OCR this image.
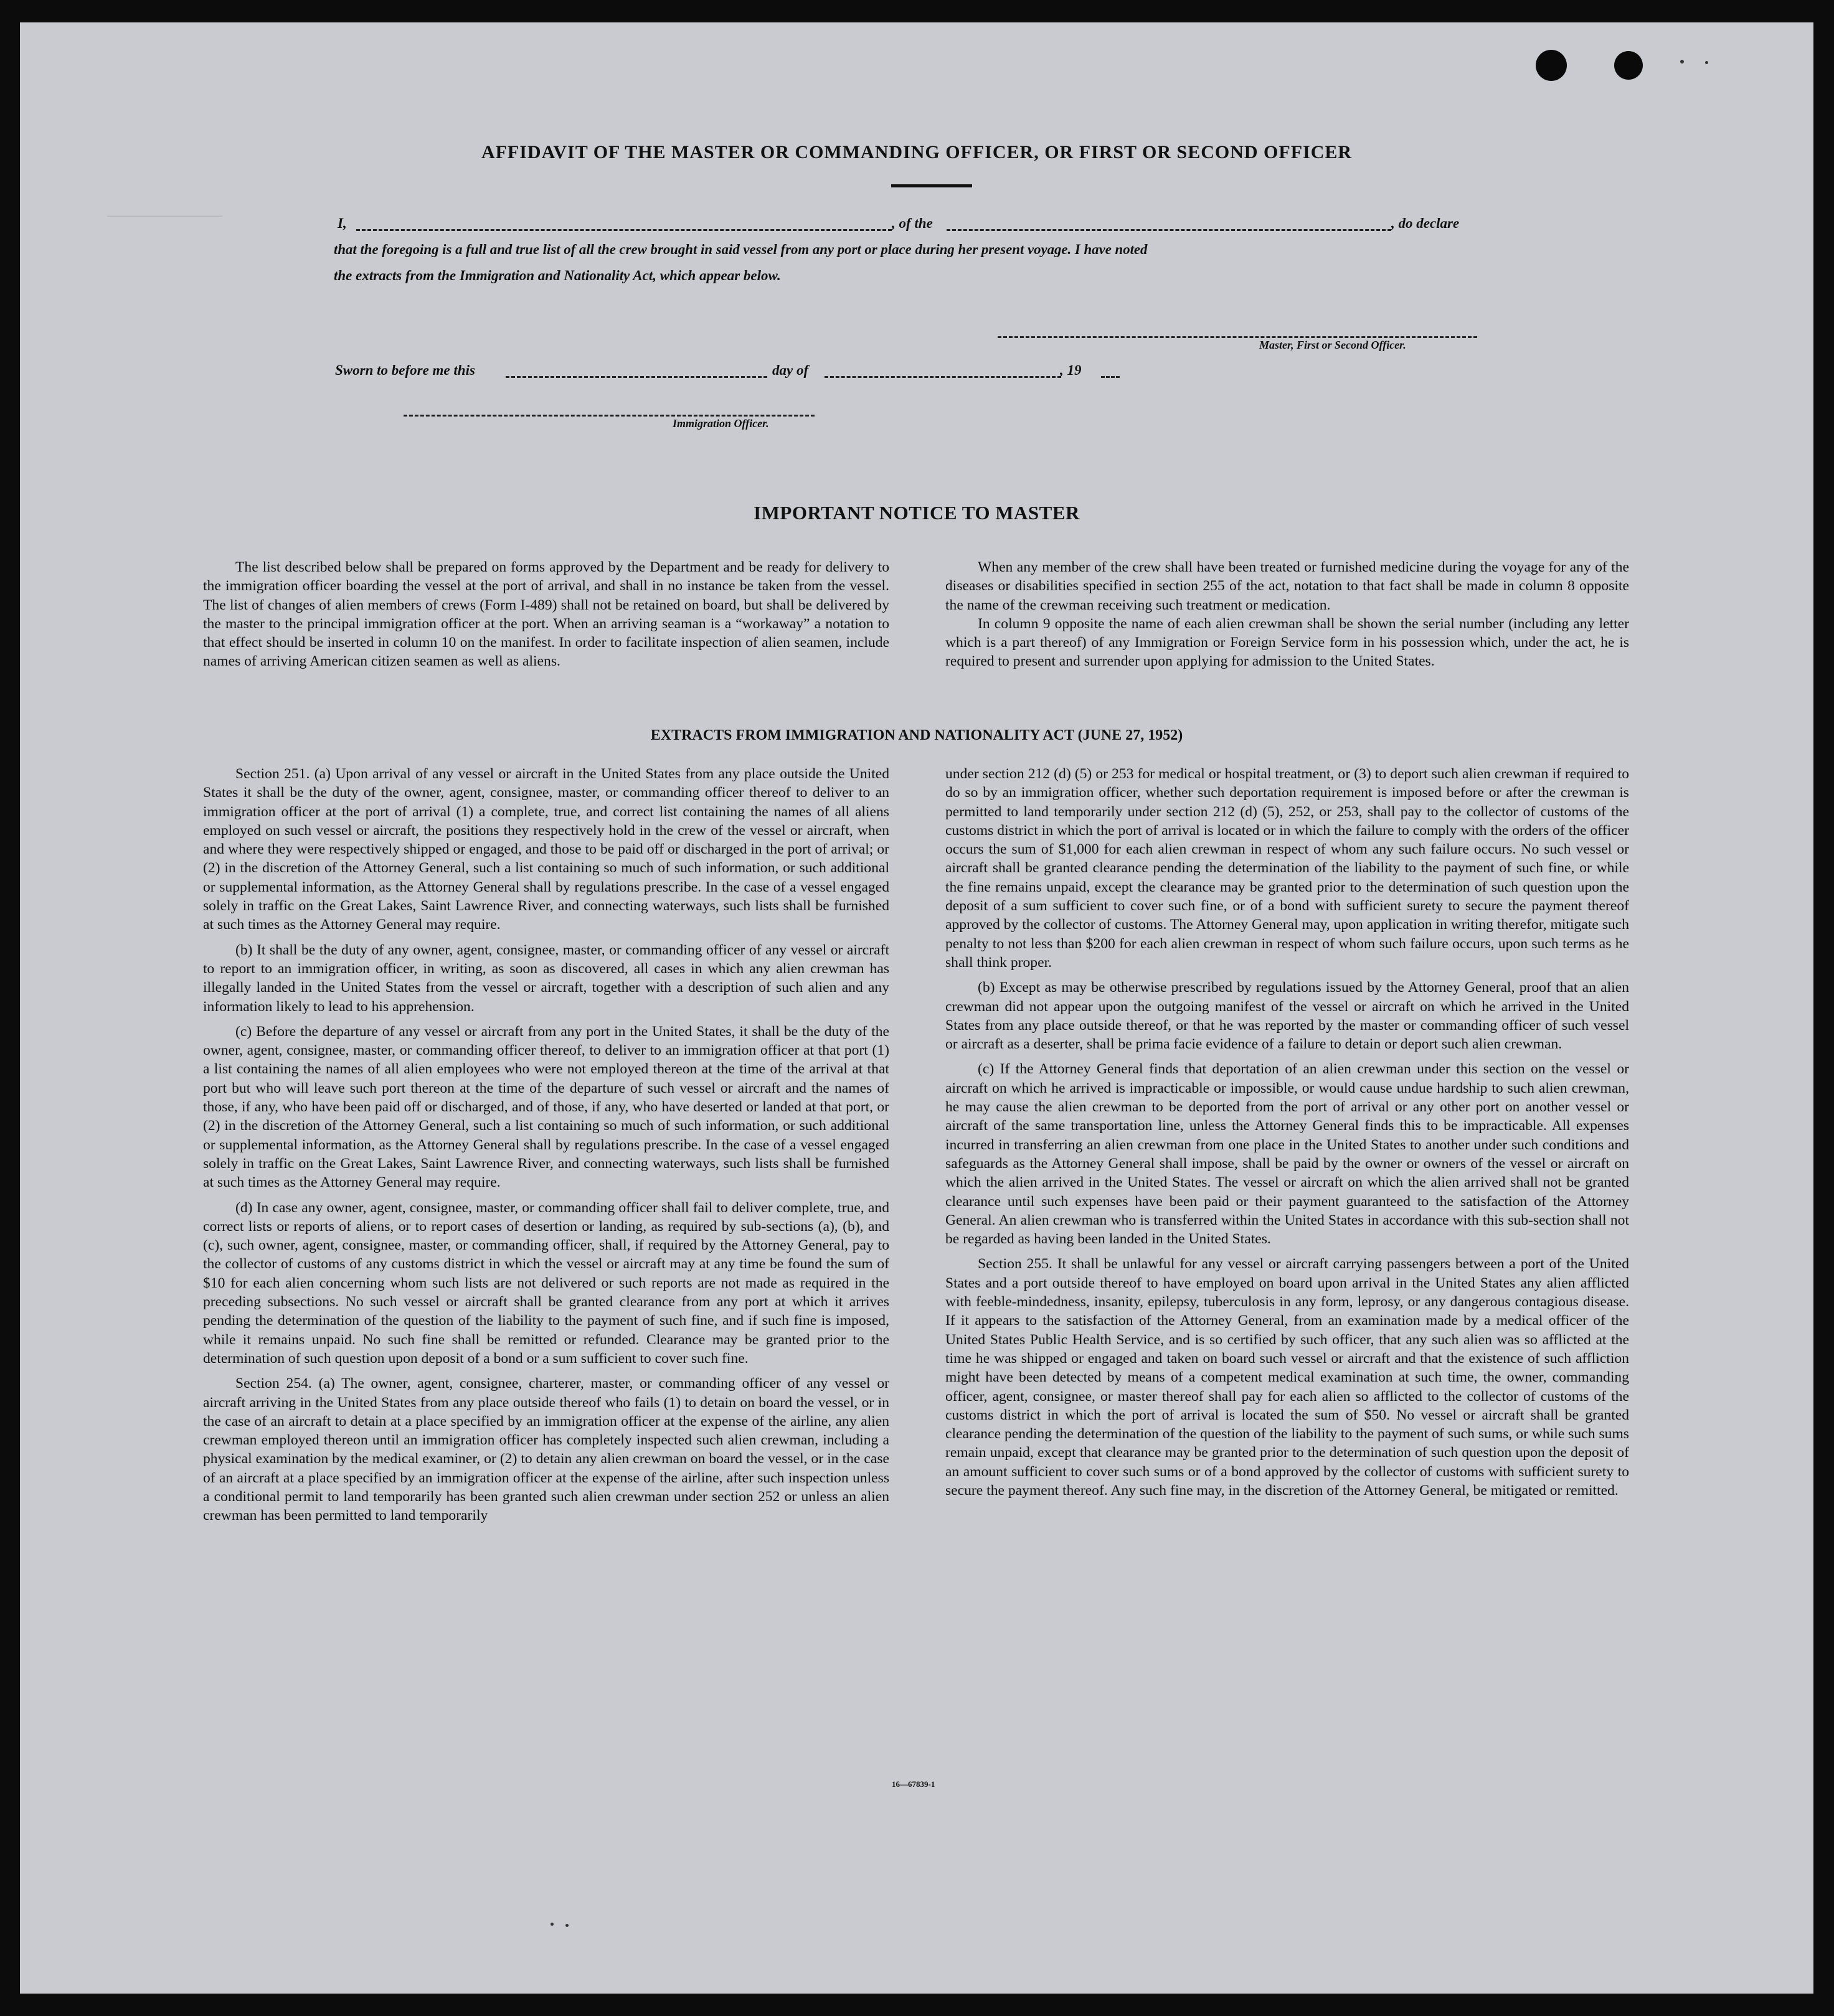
──────────────
AFFIDAVIT OF THE MASTER OR COMMANDING OFFICER, OR FIRST OR SECOND OFFICER
I,	, of the	, do declare
that the foregoing is a full and true list of all the crew brought in said vessel from any port or place during her present voyage. I have noted
the extracts from the Immigration and Nationality Act, which appear below.
Master, First or Second Officer.
Sworn to before me this	day of	, 19
Immigration Officer.
IMPORTANT NOTICE TO MASTER

The list described below shall be prepared on forms approved by the Department and be ready for delivery to the immigration officer boarding the vessel at the port of arrival, and shall in no instance be taken from the vessel. The list of changes of alien members of crews (Form I-489) shall not be retained on board, but shall be delivered by the master to the principal immigration officer at the port. When an arriving seaman is a “workaway” a notation to that effect should be inserted in column 10 on the manifest. In order to facilitate inspection of alien seamen, include names of arriving American citizen seamen as well as aliens.

When any member of the crew shall have been treated or furnished medicine during the voyage for any of the diseases or disabilities specified in section 255 of the act, notation to that fact shall be made in column 8 opposite the name of the crewman receiving such treatment or medication.

In column 9 opposite the name of each alien crewman shall be shown the serial number (including any letter which is a part thereof) of any Immigration or Foreign Service form in his possession which, under the act, he is required to present and surrender upon applying for admission to the United States.

EXTRACTS FROM IMMIGRATION AND NATIONALITY ACT (JUNE 27, 1952)

Section 251. (a) Upon arrival of any vessel or aircraft in the United States from any place outside the United States it shall be the duty of the owner, agent, consignee, master, or commanding officer thereof to deliver to an immigration officer at the port of arrival (1) a complete, true, and correct list containing the names of all aliens employed on such vessel or aircraft, the positions they respectively hold in the crew of the vessel or aircraft, when and where they were respectively shipped or engaged, and those to be paid off or discharged in the port of arrival; or (2) in the discretion of the Attorney General, such a list containing so much of such information, or such additional or supplemental information, as the Attorney General shall by regulations prescribe. In the case of a vessel engaged solely in traffic on the Great Lakes, Saint Lawrence River, and connecting waterways, such lists shall be furnished at such times as the Attorney General may require.

(b) It shall be the duty of any owner, agent, consignee, master, or commanding officer of any vessel or aircraft to report to an immigration officer, in writing, as soon as discovered, all cases in which any alien crewman has illegally landed in the United States from the vessel or aircraft, together with a description of such alien and any information likely to lead to his apprehension.

(c) Before the departure of any vessel or aircraft from any port in the United States, it shall be the duty of the owner, agent, consignee, master, or commanding officer thereof, to deliver to an immigration officer at that port (1) a list containing the names of all alien employees who were not employed thereon at the time of the arrival at that port but who will leave such port thereon at the time of the departure of such vessel or aircraft and the names of those, if any, who have been paid off or discharged, and of those, if any, who have deserted or landed at that port, or (2) in the discretion of the Attorney General, such a list containing so much of such information, or such additional or supplemental information, as the Attorney General shall by regulations prescribe. In the case of a vessel engaged solely in traffic on the Great Lakes, Saint Lawrence River, and connecting waterways, such lists shall be furnished at such times as the Attorney General may require.

(d) In case any owner, agent, consignee, master, or commanding officer shall fail to deliver complete, true, and correct lists or reports of aliens, or to report cases of desertion or landing, as required by sub-sections (a), (b), and (c), such owner, agent, consignee, master, or commanding officer, shall, if required by the Attorney General, pay to the collector of customs of any customs district in which the vessel or aircraft may at any time be found the sum of $10 for each alien concerning whom such lists are not delivered or such reports are not made as required in the preceding subsections. No such vessel or aircraft shall be granted clearance from any port at which it arrives pending the determination of the question of the liability to the payment of such fine, and if such fine is imposed, while it remains unpaid. No such fine shall be remitted or refunded. Clearance may be granted prior to the determination of such question upon deposit of a bond or a sum sufficient to cover such fine.

Section 254. (a) The owner, agent, consignee, charterer, master, or commanding officer of any vessel or aircraft arriving in the United States from any place outside thereof who fails (1) to detain on board the vessel, or in the case of an aircraft to detain at a place specified by an immigration officer at the expense of the airline, any alien crewman employed thereon until an immigration officer has completely inspected such alien crewman, including a physical examination by the medical examiner, or (2) to detain any alien crewman on board the vessel, or in the case of an aircraft at a place specified by an immigration officer at the expense of the airline, after such inspection unless a conditional permit to land temporarily has been granted such alien crewman under section 252 or unless an alien crewman has been permitted to land temporarily

under section 212 (d) (5) or 253 for medical or hospital treatment, or (3) to deport such alien crewman if required to do so by an immigration officer, whether such deportation requirement is imposed before or after the crewman is permitted to land temporarily under section 212 (d) (5), 252, or 253, shall pay to the collector of customs of the customs district in which the port of arrival is located or in which the failure to comply with the orders of the officer occurs the sum of $1,000 for each alien crewman in respect of whom any such failure occurs. No such vessel or aircraft shall be granted clearance pending the determination of the liability to the payment of such fine, or while the fine remains unpaid, except the clearance may be granted prior to the determination of such question upon the deposit of a sum sufficient to cover such fine, or of a bond with sufficient surety to secure the payment thereof approved by the collector of customs. The Attorney General may, upon application in writing therefor, mitigate such penalty to not less than $200 for each alien crewman in respect of whom such failure occurs, upon such terms as he shall think proper.

(b) Except as may be otherwise prescribed by regulations issued by the Attorney General, proof that an alien crewman did not appear upon the outgoing manifest of the vessel or aircraft on which he arrived in the United States from any place outside thereof, or that he was reported by the master or commanding officer of such vessel or aircraft as a deserter, shall be prima facie evidence of a failure to detain or deport such alien crewman.

(c) If the Attorney General finds that deportation of an alien crewman under this section on the vessel or aircraft on which he arrived is impracticable or impossible, or would cause undue hardship to such alien crewman, he may cause the alien crewman to be deported from the port of arrival or any other port on another vessel or aircraft of the same transportation line, unless the Attorney General finds this to be impracticable. All expenses incurred in transferring an alien crewman from one place in the United States to another under such conditions and safeguards as the Attorney General shall impose, shall be paid by the owner or owners of the vessel or aircraft on which the alien arrived in the United States. The vessel or aircraft on which the alien arrived shall not be granted clearance until such expenses have been paid or their payment guaranteed to the satisfaction of the Attorney General. An alien crewman who is transferred within the United States in accordance with this sub-section shall not be regarded as having been landed in the United States.

Section 255. It shall be unlawful for any vessel or aircraft carrying passengers between a port of the United States and a port outside thereof to have employed on board upon arrival in the United States any alien afflicted with feeble-mindedness, insanity, epilepsy, tuberculosis in any form, leprosy, or any dangerous contagious disease. If it appears to the satisfaction of the Attorney General, from an examination made by a medical officer of the United States Public Health Service, and is so certified by such officer, that any such alien was so afflicted at the time he was shipped or engaged and taken on board such vessel or aircraft and that the existence of such affliction might have been detected by means of a competent medical examination at such time, the owner, commanding officer, agent, consignee, or master thereof shall pay for each alien so afflicted to the collector of customs of the customs district in which the port of arrival is located the sum of $50. No vessel or aircraft shall be granted clearance pending the determination of the question of the liability to the payment of such sums, or while such sums remain unpaid, except that clearance may be granted prior to the determination of such question upon the deposit of an amount sufficient to cover such sums or of a bond approved by the collector of customs with sufficient surety to secure the payment thereof. Any such fine may, in the discretion of the Attorney General, be mitigated or remitted.

16—67839-1
